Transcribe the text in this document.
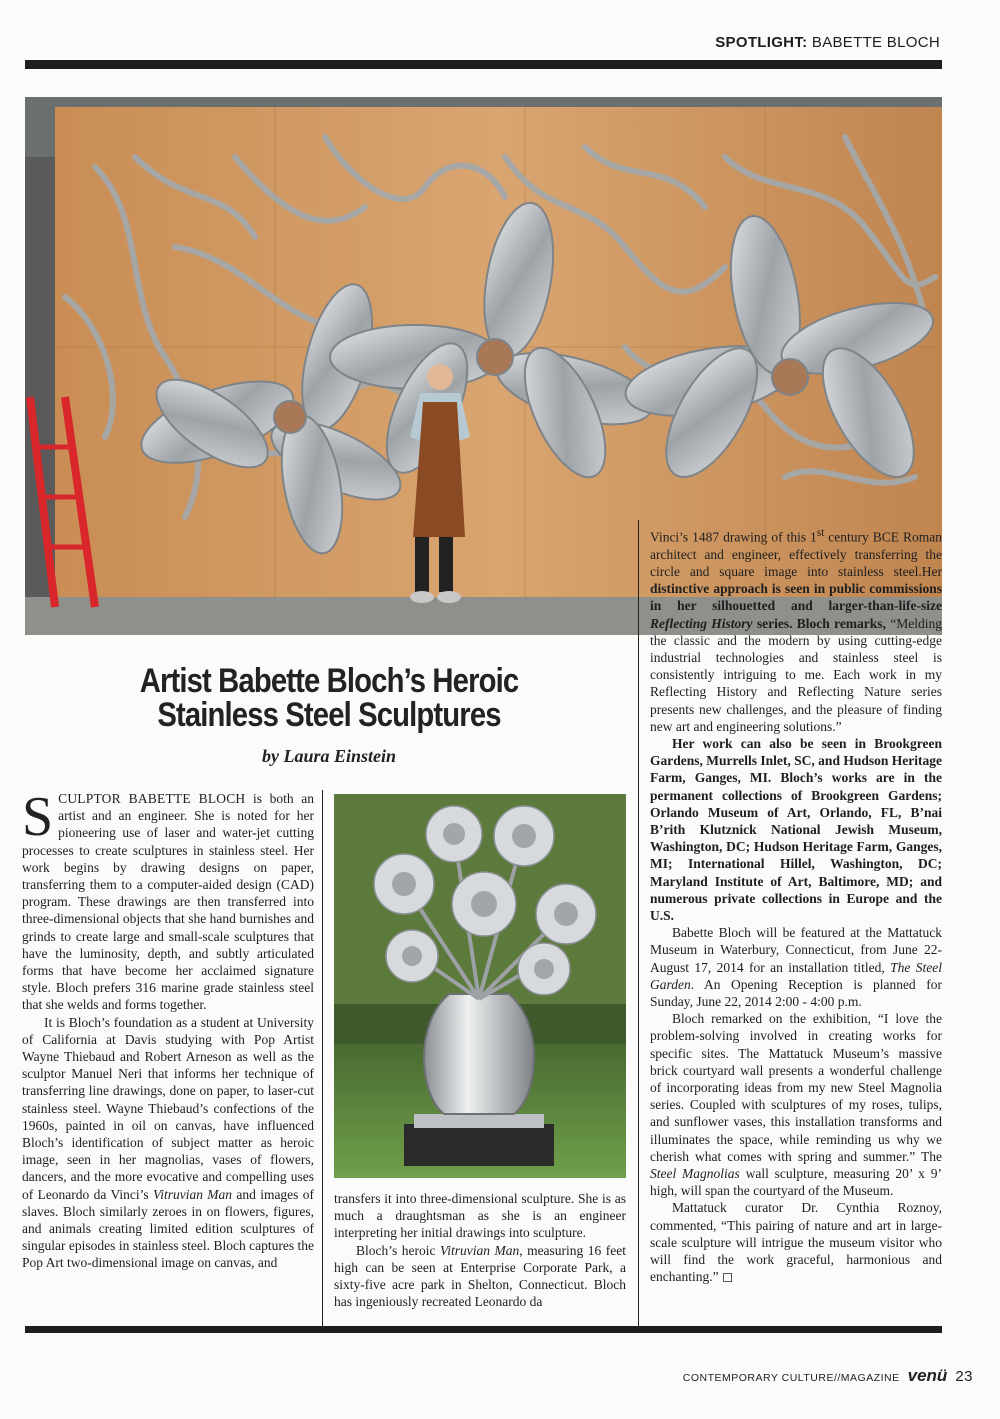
SPOTLIGHT: BABETTE BLOCH
Artist Babette Bloch’s Heroic
Stainless Steel Sculptures
by Laura Einstein

SCULPTOR BABETTE BLOCH is both an artist and an engineer. She is noted for her pioneering use of laser and water-jet cutting processes to create sculptures in stainless steel. Her work begins by drawing designs on paper, transferring them to a computer-aided design (CAD) program. These drawings are then transferred into three-dimensional objects that she hand burnishes and grinds to create large and small-scale sculptures that have the luminosity, depth, and subtly articulated forms that have become her acclaimed signature style. Bloch prefers 316 marine grade stainless steel that she welds and forms together.

It is Bloch’s foundation as a student at University of California at Davis studying with Pop Artist Wayne Thiebaud and Robert Arneson as well as the sculptor Manuel Neri that informs her technique of transferring line drawings, done on paper, to laser-cut stainless steel. Wayne Thiebaud’s confections of the 1960s, painted in oil on canvas, have influenced Bloch’s identification of subject matter as heroic image, seen in her magnolias, vases of flowers, dancers, and the more evocative and compelling uses of Leonardo da Vinci’s Vitruvian Man and images of slaves. Bloch similarly zeroes in on flowers, figures, and animals creating limited edition sculptures of singular episodes in stainless steel. Bloch captures the Pop Art two-dimensional image on canvas, and

transfers it into three-dimensional sculpture. She is as much a draughtsman as she is an engineer interpreting her initial drawings into sculpture.

Bloch’s heroic Vitruvian Man, measuring 16 feet high can be seen at Enterprise Corporate Park, a sixty-five acre park in Shelton, Connecticut. Bloch has ingeniously recreated Leonardo da

Vinci’s 1487 drawing of this 1st century BCE Roman architect and engineer, effectively transferring the circle and square image into stainless steel.Her distinctive approach is seen in public commissions in her silhouetted and larger-than-life-size Reflecting History series. Bloch remarks, “Melding the classic and the modern by using cutting-edge industrial technologies and stainless steel is consistently intriguing to me. Each work in my Reflecting History and Reflecting Nature series presents new challenges, and the pleasure of finding new art and engineering solutions.”

Her work can also be seen in Brookgreen Gardens, Murrells Inlet, SC, and Hudson Heritage Farm, Ganges, MI. Bloch’s works are in the permanent collections of Brookgreen Gardens; Orlando Museum of Art, Orlando, FL, B’nai B’rith Klutznick National Jewish Museum, Washington, DC; Hudson Heritage Farm, Ganges, MI; International Hillel, Washington, DC; Maryland Institute of Art, Baltimore, MD; and numerous private collections in Europe and the U.S.

Babette Bloch will be featured at the Mattatuck Museum in Waterbury, Connecticut, from June 22-August 17, 2014 for an installation titled, The Steel Garden. An Opening Reception is planned for Sunday, June 22, 2014 2:00 - 4:00 p.m.

Bloch remarked on the exhibition, “I love the problem-solving involved in creating works for specific sites. The Mattatuck Museum’s massive brick courtyard wall presents a wonderful challenge of incorporating ideas from my new Steel Magnolia series. Coupled with sculptures of my roses, tulips, and sunflower vases, this installation transforms and illuminates the space, while reminding us why we cherish what comes with spring and summer.” The Steel Magnolias wall sculpture, measuring 20’ x 9’ high, will span the courtyard of the Museum.

Mattatuck curator Dr. Cynthia Roznoy, commented, “This pairing of nature and art in large-scale sculpture will intrigue the museum visitor who will find the work graceful, harmonious and enchanting.” ◻

CONTEMPORARY CULTURE//MAGAZINE venü 23
